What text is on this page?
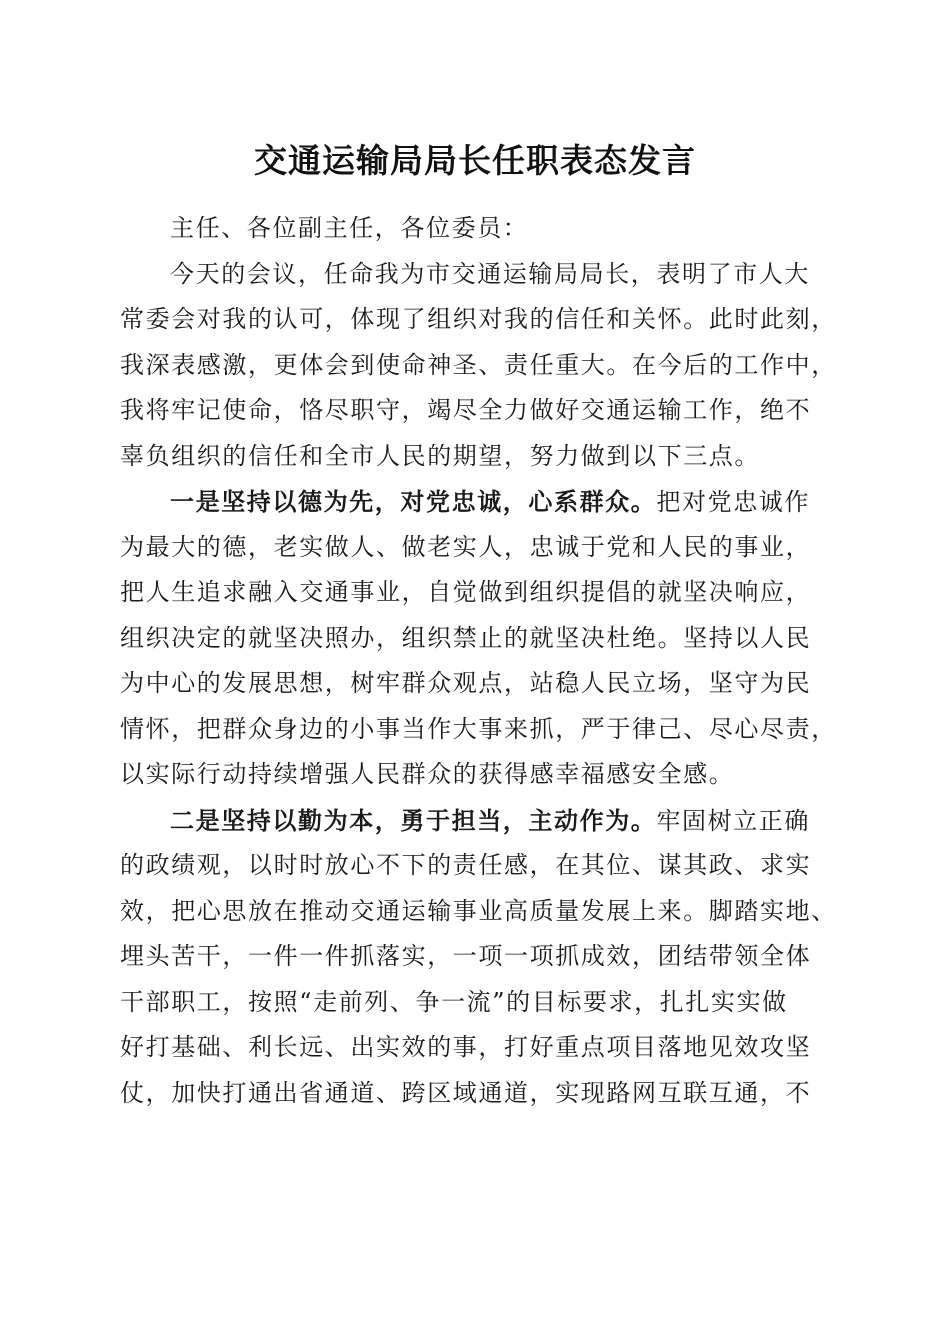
交通运输局局长任职表态发言
主任、各位副主任，各位委员：
今天的会议，任命我为市交通运输局局长，表明了市人大
常委会对我的认可，体现了组织对我的信任和关怀。此时此刻，
我深表感激，更体会到使命神圣、责任重大。在今后的工作中，
我将牢记使命，恪尽职守，竭尽全力做好交通运输工作，绝不
辜负组织的信任和全市人民的期望，努力做到以下三点。
一是坚持以德为先，对党忠诚，心系群众。把对党忠诚作
为最大的德，老实做人、做老实人，忠诚于党和人民的事业，
把人生追求融入交通事业，自觉做到组织提倡的就坚决响应，
组织决定的就坚决照办，组织禁止的就坚决杜绝。坚持以人民
为中心的发展思想，树牢群众观点，站稳人民立场，坚守为民
情怀，把群众身边的小事当作大事来抓，严于律己、尽心尽责，
以实际行动持续增强人民群众的获得感幸福感安全感。
二是坚持以勤为本，勇于担当，主动作为。牢固树立正确
的政绩观，以时时放心不下的责任感，在其位、谋其政、求实
效，把心思放在推动交通运输事业高质量发展上来。脚踏实地、
埋头苦干，一件一件抓落实，一项一项抓成效，团结带领全体
干部职工，按照“走前列、争一流”的目标要求，扎扎实实做
好打基础、利长远、出实效的事，打好重点项目落地见效攻坚
仗，加快打通出省通道、跨区域通道，实现路网互联互通，不
